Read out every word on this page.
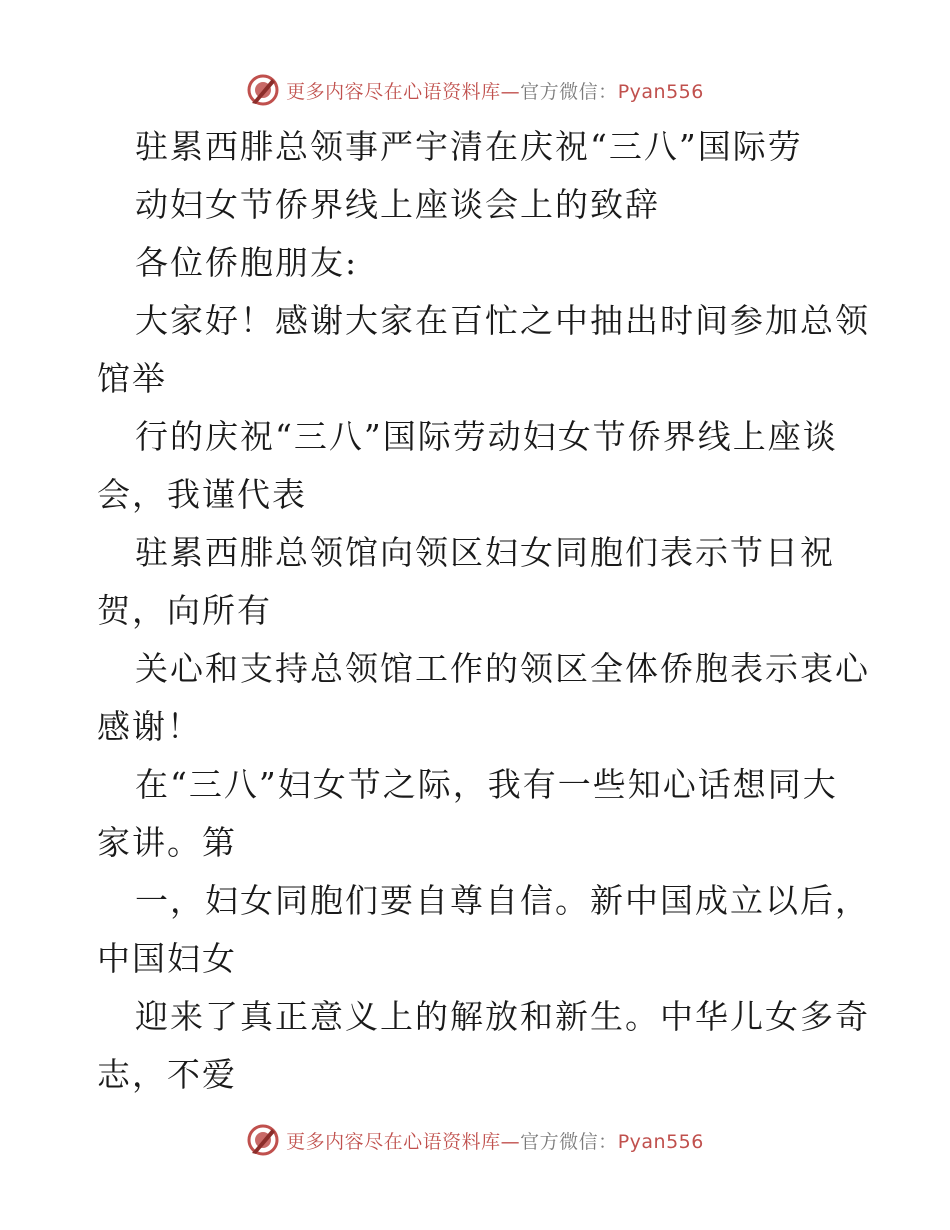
更多内容尽在心语资料库—官方微信：Pyan556
驻累西腓总领事严宇清在庆祝“三八”国际劳
动妇女节侨界线上座谈会上的致辞
各位侨胞朋友:
大家好！感谢大家在百忙之中抽出时间参加总领
馆举
行的庆祝“三八”国际劳动妇女节侨界线上座谈
会，我谨代表
驻累西腓总领馆向领区妇女同胞们表示节日祝
贺，向所有
关心和支持总领馆工作的领区全体侨胞表示衷心
感谢！
在“三八”妇女节之际，我有一些知心话想同大
家讲。第
一，妇女同胞们要自尊自信。新中国成立以后，
中国妇女
迎来了真正意义上的解放和新生。中华儿女多奇
志，不爱
更多内容尽在心语资料库—官方微信：Pyan556
